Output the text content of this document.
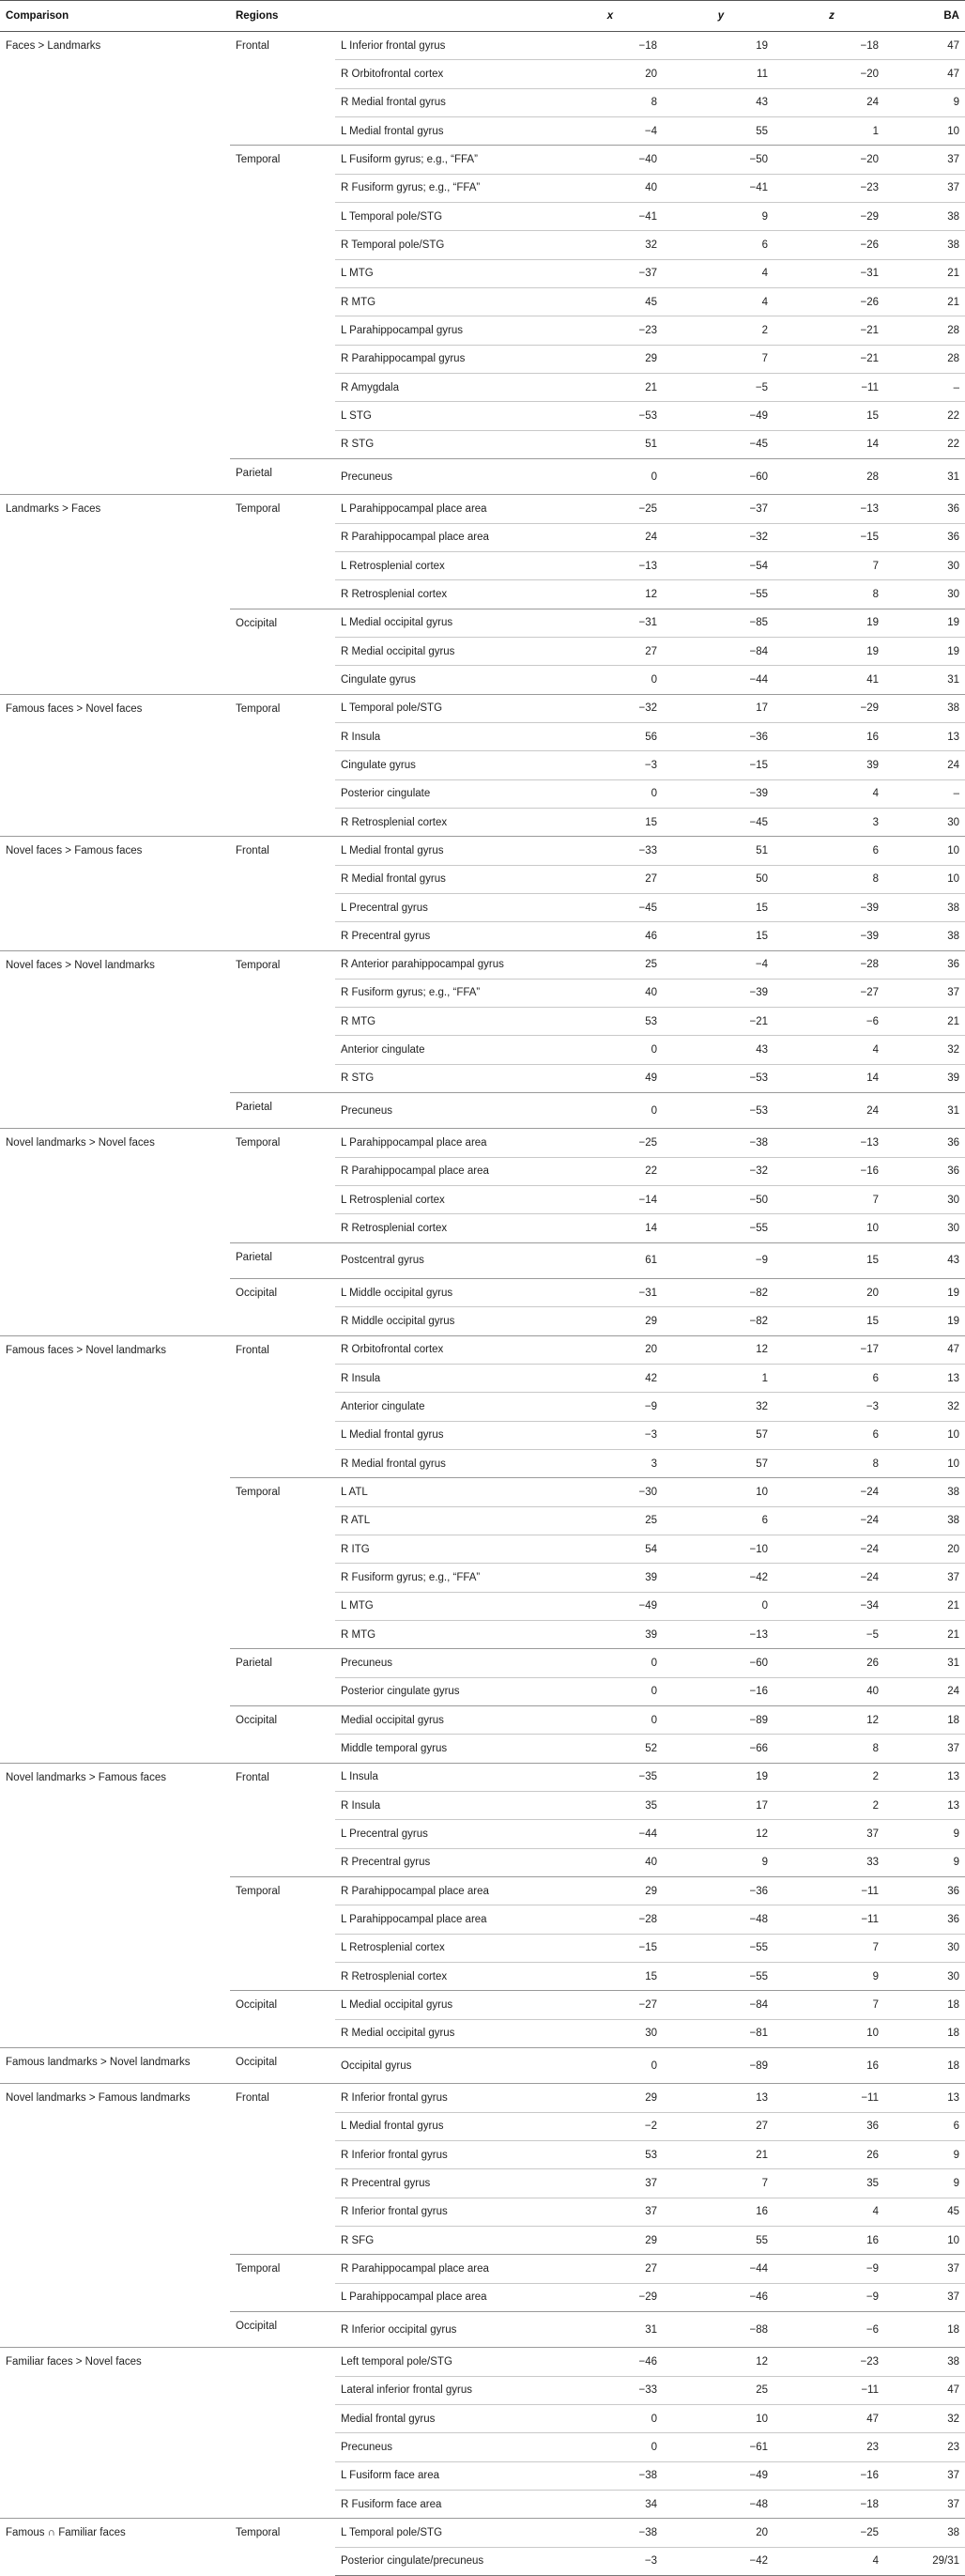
Comparison	Regions		x	y	z	BA
Faces > Landmarks	Frontal	L Inferior frontal gyrus	−18	19	−18	47
		R Orbitofrontal cortex	20	11	−20	47
		R Medial frontal gyrus	8	43	24	9
		L Medial frontal gyrus	−4	55	1	10
	Temporal	L Fusiform gyrus; e.g., “FFA”	−40	−50	−20	37
		R Fusiform gyrus; e.g., “FFA”	40	−41	−23	37
		L Temporal pole/STG	−41	9	−29	38
		R Temporal pole/STG	32	6	−26	38
		L MTG	−37	4	−31	21
		R MTG	45	4	−26	21
		L Parahippocampal gyrus	−23	2	−21	28
		R Parahippocampal gyrus	29	7	−21	28
		R Amygdala	21	−5	−11	–
		L STG	−53	−49	15	22
		R STG	51	−45	14	22
	Parietal	Precuneus	0	−60	28	31
Landmarks > Faces	Temporal	L Parahippocampal place area	−25	−37	−13	36
		R Parahippocampal place area	24	−32	−15	36
		L Retrosplenial cortex	−13	−54	7	30
		R Retrosplenial cortex	12	−55	8	30
	Occipital	L Medial occipital gyrus	−31	−85	19	19
		R Medial occipital gyrus	27	−84	19	19
		Cingulate gyrus	0	−44	41	31
Famous faces > Novel faces	Temporal	L Temporal pole/STG	−32	17	−29	38
		R Insula	56	−36	16	13
		Cingulate gyrus	−3	−15	39	24
		Posterior cingulate	0	−39	4	–
		R Retrosplenial cortex	15	−45	3	30
Novel faces > Famous faces	Frontal	L Medial frontal gyrus	−33	51	6	10
		R Medial frontal gyrus	27	50	8	10
		L Precentral gyrus	−45	15	−39	38
		R Precentral gyrus	46	15	−39	38
Novel faces > Novel landmarks	Temporal	R Anterior parahippocampal gyrus	25	−4	−28	36
		R Fusiform gyrus; e.g., “FFA”	40	−39	−27	37
		R MTG	53	−21	−6	21
		Anterior cingulate	0	43	4	32
		R STG	49	−53	14	39
	Parietal	Precuneus	0	−53	24	31
Novel landmarks > Novel faces	Temporal	L Parahippocampal place area	−25	−38	−13	36
		R Parahippocampal place area	22	−32	−16	36
		L Retrosplenial cortex	−14	−50	7	30
		R Retrosplenial cortex	14	−55	10	30
	Parietal	Postcentral gyrus	61	−9	15	43
	Occipital	L Middle occipital gyrus	−31	−82	20	19
		R Middle occipital gyrus	29	−82	15	19
Famous faces > Novel landmarks	Frontal	R Orbitofrontal cortex	20	12	−17	47
		R Insula	42	1	6	13
		Anterior cingulate	−9	32	−3	32
		L Medial frontal gyrus	−3	57	6	10
		R Medial frontal gyrus	3	57	8	10
	Temporal	L ATL	−30	10	−24	38
		R ATL	25	6	−24	38
		R ITG	54	−10	−24	20
		R Fusiform gyrus; e.g., “FFA”	39	−42	−24	37
		L MTG	−49	0	−34	21
		R MTG	39	−13	−5	21
	Parietal	Precuneus	0	−60	26	31
		Posterior cingulate gyrus	0	−16	40	24
	Occipital	Medial occipital gyrus	0	−89	12	18
		Middle temporal gyrus	52	−66	8	37
Novel landmarks > Famous faces	Frontal	L Insula	−35	19	2	13
		R Insula	35	17	2	13
		L Precentral gyrus	−44	12	37	9
		R Precentral gyrus	40	9	33	9
	Temporal	R Parahippocampal place area	29	−36	−11	36
		L Parahippocampal place area	−28	−48	−11	36
		L Retrosplenial cortex	−15	−55	7	30
		R Retrosplenial cortex	15	−55	9	30
	Occipital	L Medial occipital gyrus	−27	−84	7	18
		R Medial occipital gyrus	30	−81	10	18
Famous landmarks > Novel landmarks	Occipital	Occipital gyrus	0	−89	16	18
Novel landmarks > Famous landmarks	Frontal	R Inferior frontal gyrus	29	13	−11	13
		L Medial frontal gyrus	−2	27	36	6
		R Inferior frontal gyrus	53	21	26	9
		R Precentral gyrus	37	7	35	9
		R Inferior frontal gyrus	37	16	4	45
		R SFG	29	55	16	10
	Temporal	R Parahippocampal place area	27	−44	−9	37
		L Parahippocampal place area	−29	−46	−9	37
	Occipital	R Inferior occipital gyrus	31	−88	−6	18
Familiar faces > Novel faces		Left temporal pole/STG	−46	12	−23	38
		Lateral inferior frontal gyrus	−33	25	−11	47
		Medial frontal gyrus	0	10	47	32
		Precuneus	0	−61	23	23
		L Fusiform face area	−38	−49	−16	37
		R Fusiform face area	34	−48	−18	37
Famous ∩ Familiar faces	Temporal	L Temporal pole/STG	−38	20	−25	38
		Posterior cingulate/precuneus	−3	−42	4	29/31
